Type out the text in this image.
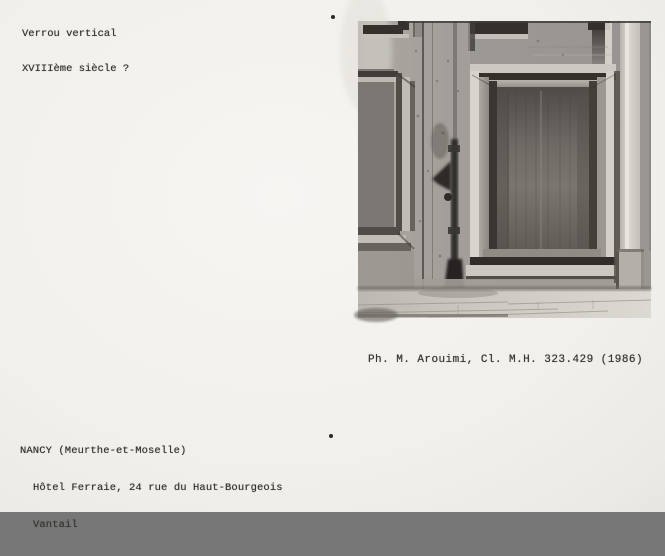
Verrou vertical

XVIIIème siècle ?

Ph. M. Arouimi, Cl. M.H. 323.429 (1986)

NANCY (Meurthe-et-Moselle)

Hôtel Ferraie, 24 rue du Haut-Bourgeois

Vantail
